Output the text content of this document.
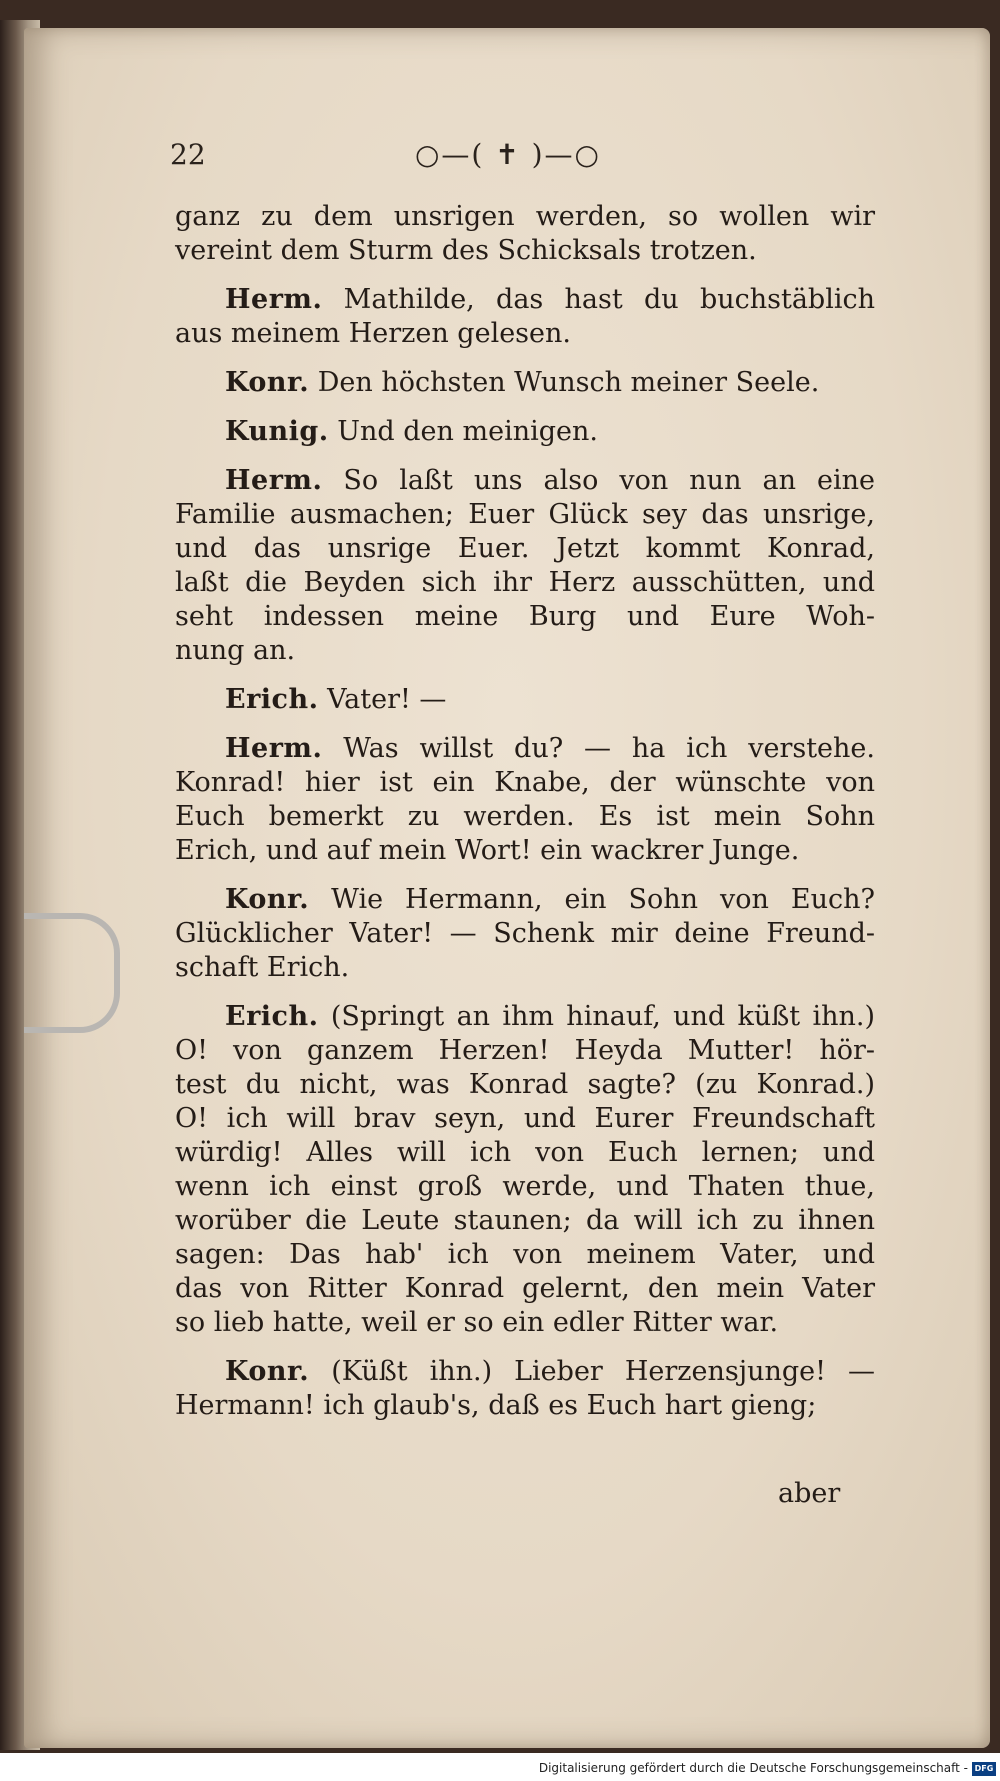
22	○—( ✝ )—○
ganz zu dem unsrigen werden, so wollen wir
vereint dem Sturm des Schicksals trotzen.
Herm. Mathilde, das hast du buchstäblich
aus meinem Herzen gelesen.
Konr. Den höchsten Wunsch meiner Seele.
Kunig. Und den meinigen.
Herm. So laßt uns also von nun an eine
Familie ausmachen; Euer Glück sey das unsrige,
und das unsrige Euer. Jetzt kommt Konrad,
laßt die Beyden sich ihr Herz ausschütten, und
seht indessen meine Burg und Eure Woh-
nung an.
Erich. Vater! —
Herm. Was willst du? — ha ich verstehe.
Konrad! hier ist ein Knabe, der wünschte von
Euch bemerkt zu werden. Es ist mein Sohn
Erich, und auf mein Wort! ein wackrer Junge.
Konr. Wie Hermann, ein Sohn von Euch?
Glücklicher Vater! — Schenk mir deine Freund-
schaft Erich.
Erich. (Springt an ihm hinauf, und küßt ihn.)
O! von ganzem Herzen! Heyda Mutter! hör-
test du nicht, was Konrad sagte? (zu Konrad.)
O! ich will brav seyn, und Eurer Freundschaft
würdig! Alles will ich von Euch lernen; und
wenn ich einst groß werde, und Thaten thue,
worüber die Leute staunen; da will ich zu ihnen
sagen: Das hab' ich von meinem Vater, und
das von Ritter Konrad gelernt, den mein Vater
so lieb hatte, weil er so ein edler Ritter war.
Konr. (Küßt ihn.) Lieber Herzensjunge! —
Hermann! ich glaub's, daß es Euch hart gieng;
aber
Digitalisierung gefördert durch die Deutsche Forschungsgemeinschaft - DFG
